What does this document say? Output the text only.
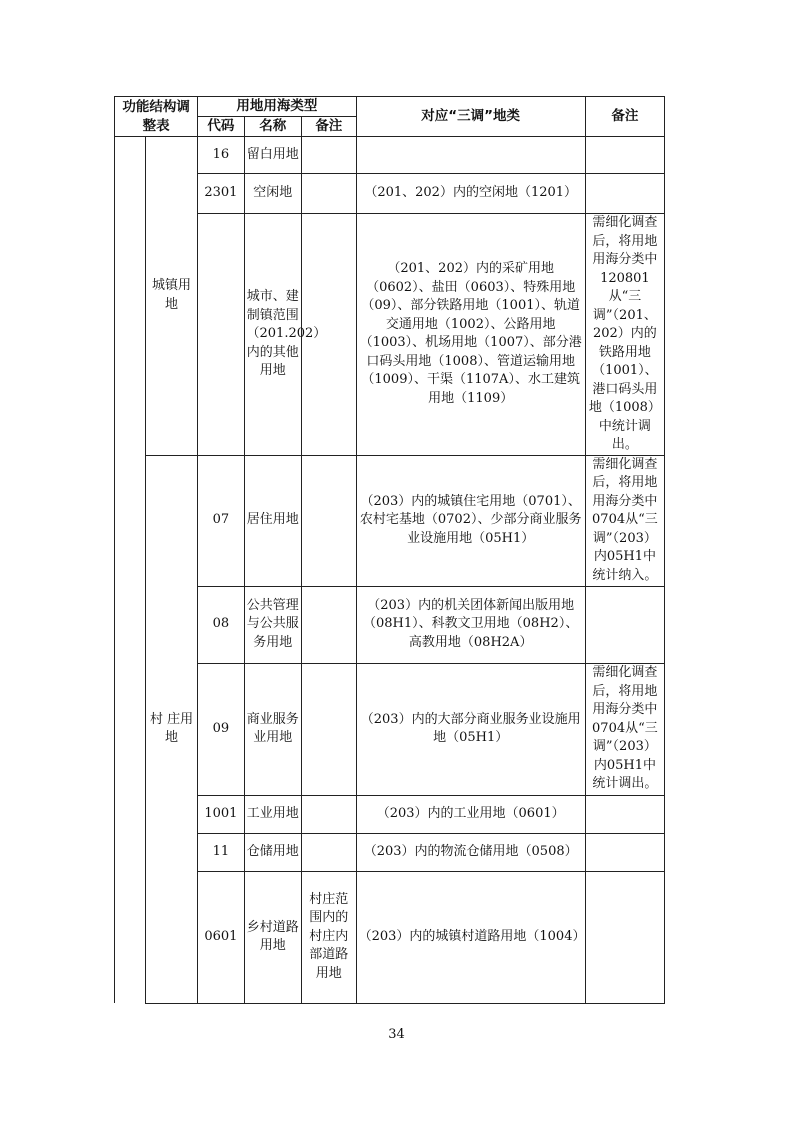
功能结构调整表		用地用海类型			对应“三调”地类	备注
		代码	名称	备注		
	城镇用地	16	留白用地			
		2301	空闲地		（201、202）内的空闲地（1201）	
			城市、建制镇范围（201.202）内的其他用地		（201、202）内的采矿用地（0602）、盐田（0603）、特殊用地（09）、部分铁路用地（1001）、轨道交通用地（1002）、公路用地（1003）、机场用地（1007）、部分港口码头用地（1008）、管道运输用地（1009）、干渠（1107A）、水工建筑用地（1109）	需细化调查后，将用地用海分类中120801从“三调”（201、202）内的铁路用地（1001）、港口码头用地（1008）中统计调出。
	村 庄用地	07	居住用地		（203）内的城镇住宅用地（0701）、农村宅基地（0702）、少部分商业服务业设施用地（05H1）	需细化调查后，将用地用海分类中0704从“三调”（203）内05H1中统计纳入。
		08	公共管理与公共服务用地		（203）内的机关团体新闻出版用地（08H1）、科教文卫用地（08H2）、高教用地（08H2A）	
		09	商业服务业用地		（203）内的大部分商业服务业设施用地（05H1）	需细化调查后，将用地用海分类中0704从“三调”（203）内05H1中统计调出。
		1001	工业用地		（203）内的工业用地（0601）	
		11	仓储用地		（203）内的物流仓储用地（0508）	
		0601	乡村道路用地	村庄范围内的村庄内部道路用地	（203）内的城镇村道路用地（1004）	
34
